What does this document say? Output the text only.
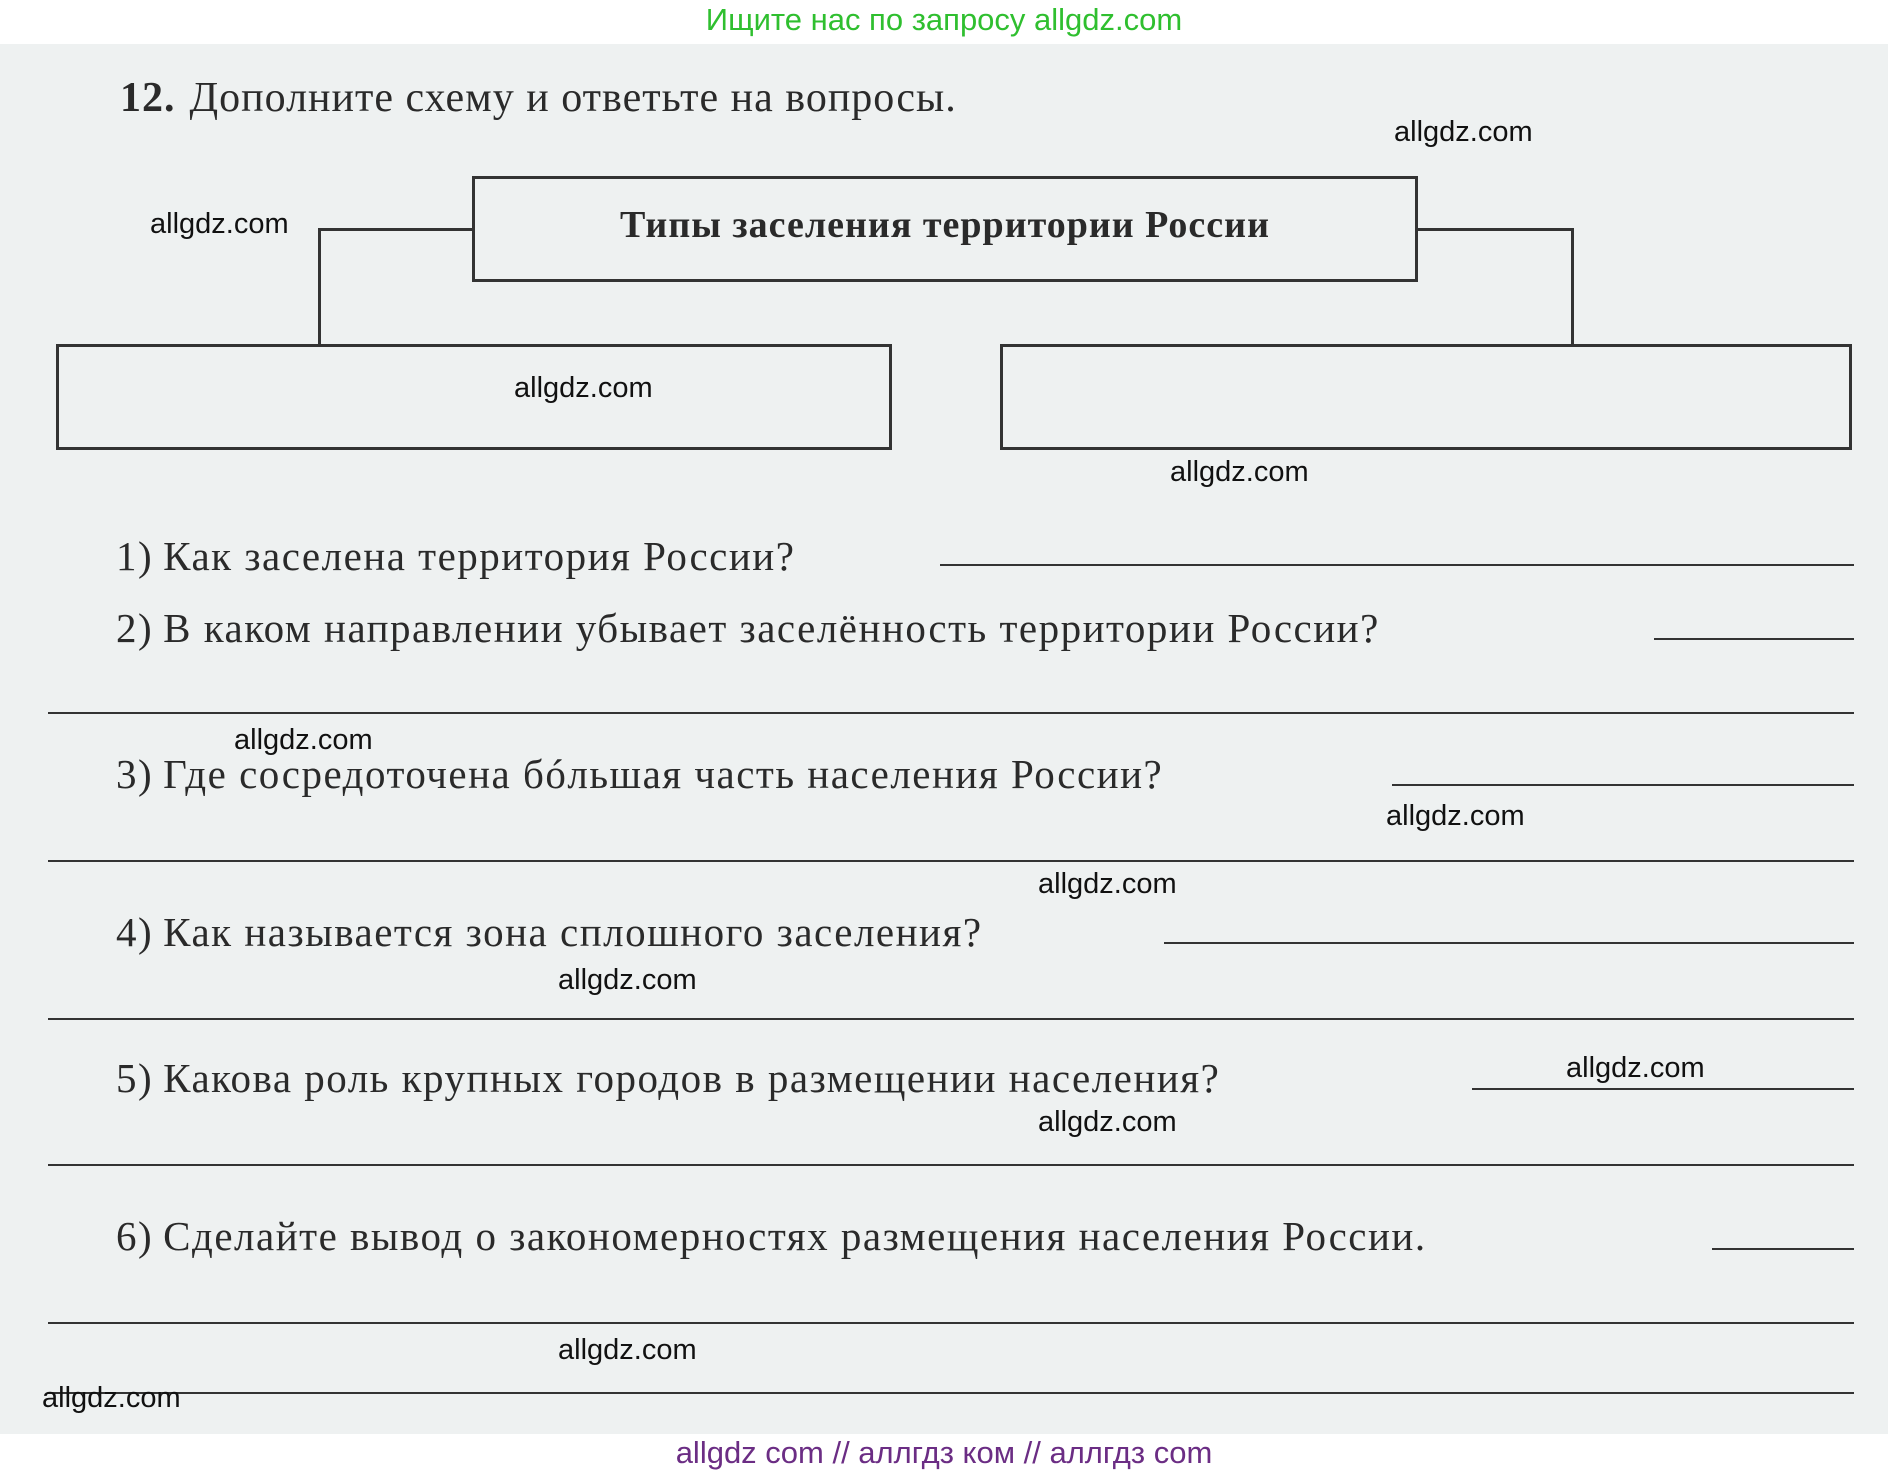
Ищите нас по запросу allgdz.com
12. Дополните схему и ответьте на вопросы.
Типы заселения территории России
1) Как заселена территория России?
2) В каком направлении убывает заселённость территории России?
3) Где сосредоточена бóльшая часть населения России?
4) Как называется зона сплошного заселения?
5) Какова роль крупных городов в размещении населения?
6) Сделайте вывод о закономерностях размещения населения России.
allgdz.com
allgdz.com
allgdz.com
allgdz.com
allgdz.com
allgdz.com
allgdz.com
allgdz.com
allgdz.com
allgdz.com
allgdz.com
allgdz.com
allgdz com // аллгдз ком // аллгдз com
